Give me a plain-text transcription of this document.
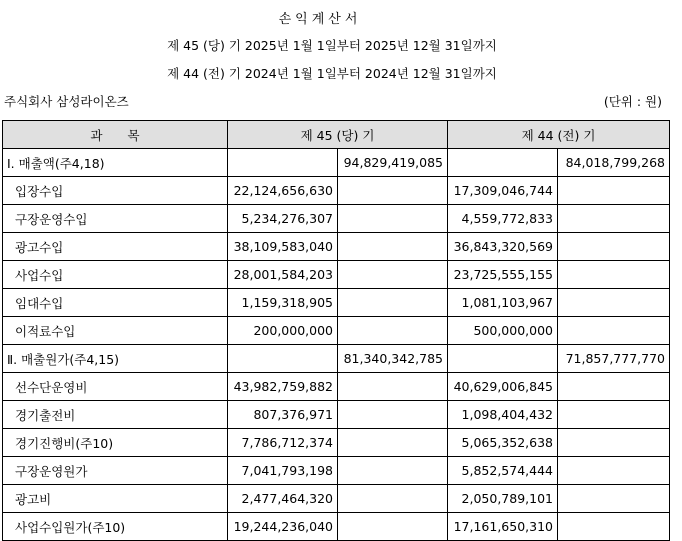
손익계산서
제 45 (당) 기 2025년 1월 1일부터 2025년 12월 31일까지
제 44 (전) 기 2024년 1월 1일부터 2024년 12월 31일까지
주식회사 삼성라이온즈	(단위 : 원)
과　　목	제 45 (당) 기		제 44 (전) 기	
Ⅰ. 매출액(주4,18)		94,829,419,085		84,018,799,268
입장수입	22,124,656,630		17,309,046,744	
구장운영수입	5,234,276,307		4,559,772,833	
광고수입	38,109,583,040		36,843,320,569	
사업수입	28,001,584,203		23,725,555,155	
임대수입	1,159,318,905		1,081,103,967	
이적료수입	200,000,000		500,000,000	
Ⅱ. 매출원가(주4,15)		81,340,342,785		71,857,777,770
선수단운영비	43,982,759,882		40,629,006,845	
경기출전비	807,376,971		1,098,404,432	
경기진행비(주10)	7,786,712,374		5,065,352,638	
구장운영원가	7,041,793,198		5,852,574,444	
광고비	2,477,464,320		2,050,789,101	
사업수입원가(주10)	19,244,236,040		17,161,650,310	
